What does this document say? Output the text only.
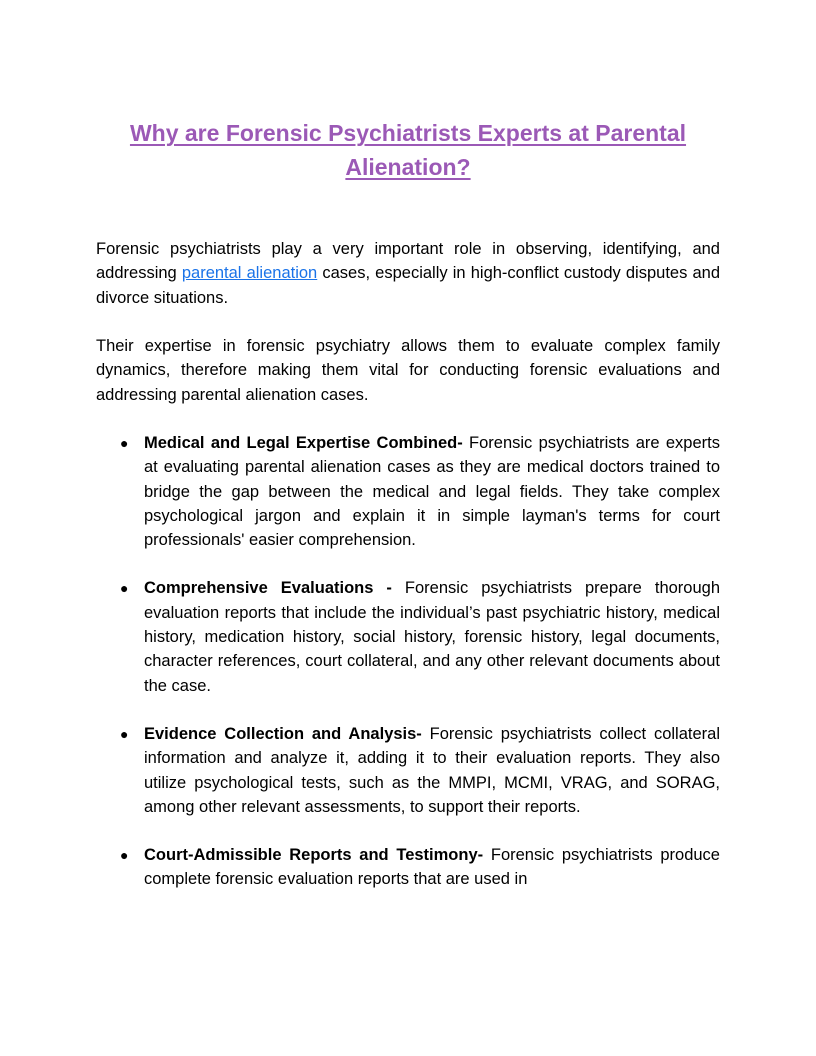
Why are Forensic Psychiatrists Experts at Parental Alienation?

Forensic psychiatrists play a very important role in observing, identifying, and addressing parental alienation cases, especially in high-conflict custody disputes and divorce situations.

Their expertise in forensic psychiatry allows them to evaluate complex family dynamics, therefore making them vital for conducting forensic evaluations and addressing parental alienation cases.

● Medical and Legal Expertise Combined- Forensic psychiatrists are experts at evaluating parental alienation cases as they are medical doctors trained to bridge the gap between the medical and legal fields. They take complex psychological jargon and explain it in simple layman's terms for court professionals' easier comprehension.
● Comprehensive Evaluations - Forensic psychiatrists prepare thorough evaluation reports that include the individual’s past psychiatric history, medical history, medication history, social history, forensic history, legal documents, character references, court collateral, and any other relevant documents about the case.
● Evidence Collection and Analysis- Forensic psychiatrists collect collateral information and analyze it, adding it to their evaluation reports. They also utilize psychological tests, such as the MMPI, MCMI, VRAG, and SORAG, among other relevant assessments, to support their reports.
● Court-Admissible Reports and Testimony- Forensic psychiatrists produce complete forensic evaluation reports that are used in
